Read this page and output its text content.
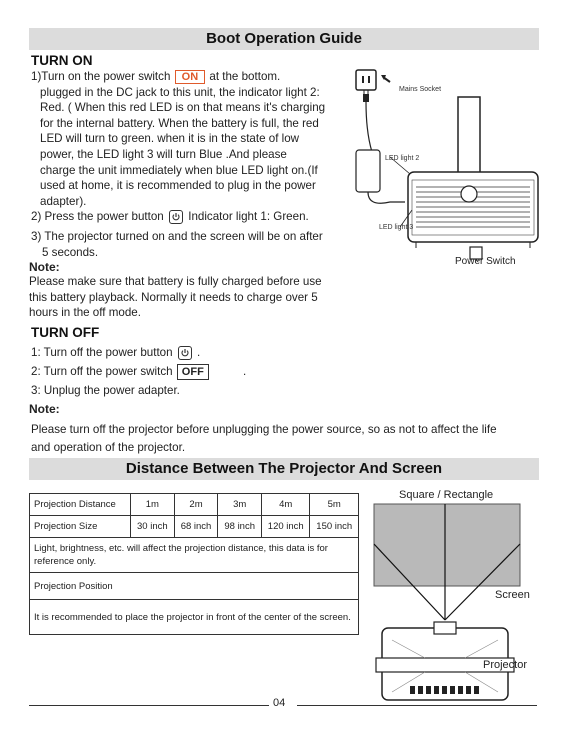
Boot Operation Guide
TURN ON
1)Turn on the power switch ON at the bottom.
plugged in the DC jack to this unit, the indicator light 2:
Red. ( When this red LED is on that means it's charging
for the internal battery. When the battery is full, the red
LED will turn to green. when it is in the state of low
power, the LED light 3 will turn Blue .And please
charge the unit immediately when blue LED light on.(If
used at home, it is recommended to plug in the power
adapter).
2) Press the power button Indicator light 1: Green.
3) The projector turned on and the screen will be on after
5 seconds.
Note:
Please make sure that battery is fully charged before use
this battery playback. Normally it needs to charge over 5
hours in the off mode.
TURN OFF
1: Turn off the power button
.
2: Turn off the power switch OFF	.
3: Unplug the power adapter.
Note:
Please turn off the projector before unplugging the power source, so as not to affect the life
and operation of the projector.
Mains Socket
LED light 2
LED light 3
Power Switch
Distance Between The Projector And Screen
Projection Distance	1m	2m	3m	4m	5m
Projection Size	30 inch	68 inch	98 inch	120 inch	150 inch
Light, brightness, etc. will affect the projection distance, this data is for reference only.					
Projection Position					
It is recommended to place the projector in front of the center of the screen.					
Square / Rectangle
Screen
Projector
04
